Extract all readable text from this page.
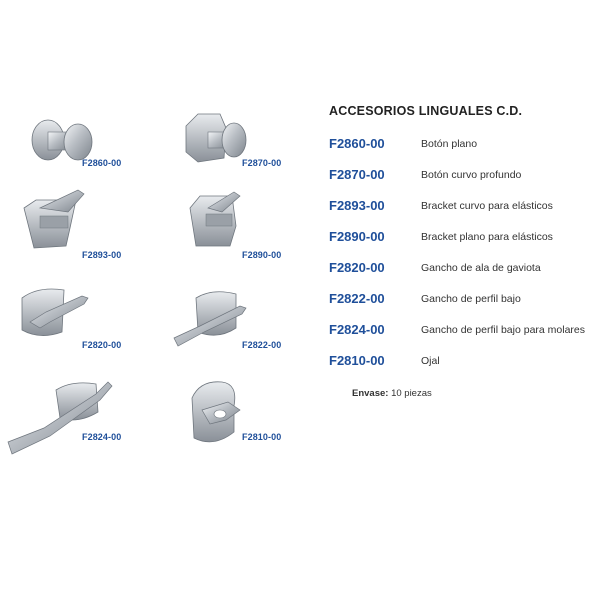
F2860-00	F2870-00
F2893-00	F2890-00
F2820-00	F2822-00
F2824-00	F2810-00
ACCESORIOS LINGUALES C.D.
F2860-00	Botón plano
F2870-00	Botón curvo profundo
F2893-00	Bracket curvo para elásticos
F2890-00	Bracket plano para elásticos
F2820-00	Gancho de ala de gaviota
F2822-00	Gancho de perfil bajo
F2824-00	Gancho de perfil bajo para molares
F2810-00	Ojal
Envase: 10 piezas
